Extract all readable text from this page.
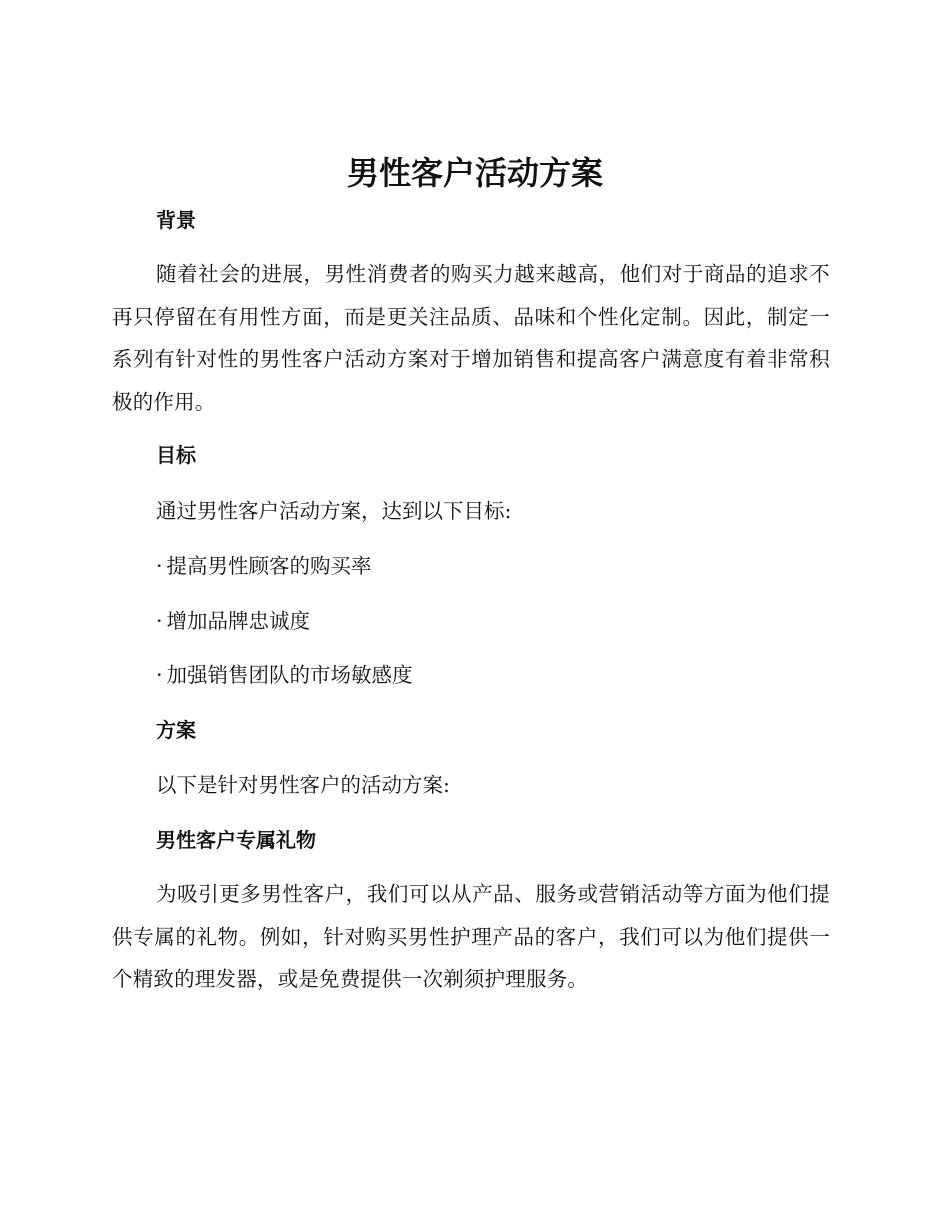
男性客户活动方案
背景
随着社会的进展，男性消费者的购买力越来越高，他们对于商品的追求不再只停留在有用性方面，而是更关注品质、品味和个性化定制。因此，制定一系列有针对性的男性客户活动方案对于增加销售和提高客户满意度有着非常积极的作用。
目标
通过男性客户活动方案，达到以下目标:
· 提高男性顾客的购买率
· 增加品牌忠诚度
· 加强销售团队的市场敏感度
方案
以下是针对男性客户的活动方案:
男性客户专属礼物
为吸引更多男性客户，我们可以从产品、服务或营销活动等方面为他们提供专属的礼物。例如，针对购买男性护理产品的客户，我们可以为他们提供一个精致的理发器，或是免费提供一次剃须护理服务。
